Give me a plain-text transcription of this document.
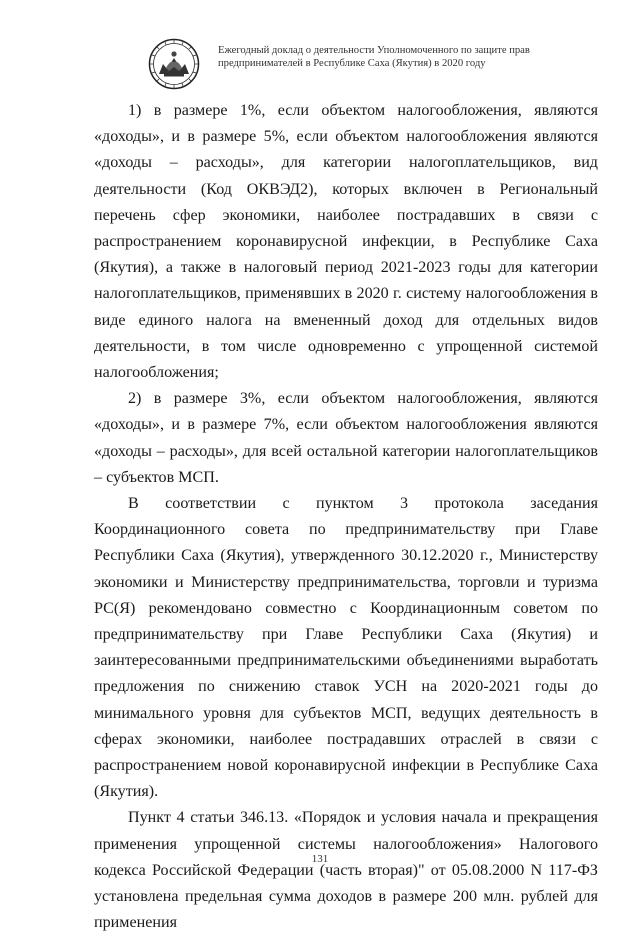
Ежегодный доклад о деятельности Уполномоченного по защите прав
предпринимателей в Республике Саха (Якутия) в 2020 году

1) в размере 1%, если объектом налогообложения, являются «доходы», и в размере 5%, если объектом налогообложения являются «доходы – расходы», для категории налогоплательщиков, вид деятельности (Код ОКВЭД2), которых включен в Региональный перечень сфер экономики, наиболее пострадавших в связи с распространением коронавирусной инфекции, в Республике Саха (Якутия), а также в налоговый период 2021-2023 годы для категории налогоплательщиков, применявших в 2020 г. систему налогообложения в виде единого налога на вмененный доход для отдельных видов деятельности, в том числе одновременно с упрощенной системой налогообложения;

2) в размере 3%, если объектом налогообложения, являются «доходы», и в размере 7%, если объектом налогообложения являются «доходы – расходы», для всей остальной категории налогоплательщиков – субъектов МСП.

В соответствии с пунктом 3 протокола заседания Координационного совета по предпринимательству при Главе Республики Саха (Якутия), утвержденного 30.12.2020 г., Министерству экономики и Министерству предпринимательства, торговли и туризма РС(Я) рекомендовано совместно с Координационным советом по предпринимательству при Главе Республики Саха (Якутия) и заинтересованными предпринимательскими объединениями выработать предложения по снижению ставок УСН на 2020-2021 годы до минимального уровня для субъектов МСП, ведущих деятельность в сферах экономики, наиболее пострадавших отраслей в связи с распространением новой коронавирусной инфекции в Республике Саха (Якутия).

Пункт 4 статьи 346.13. «Порядок и условия начала и прекращения применения упрощенной системы налогообложения» Налогового кодекса Российской Федерации (часть вторая)" от 05.08.2000 N 117-ФЗ установлена предельная сумма доходов в размере 200 млн. рублей для применения

131
